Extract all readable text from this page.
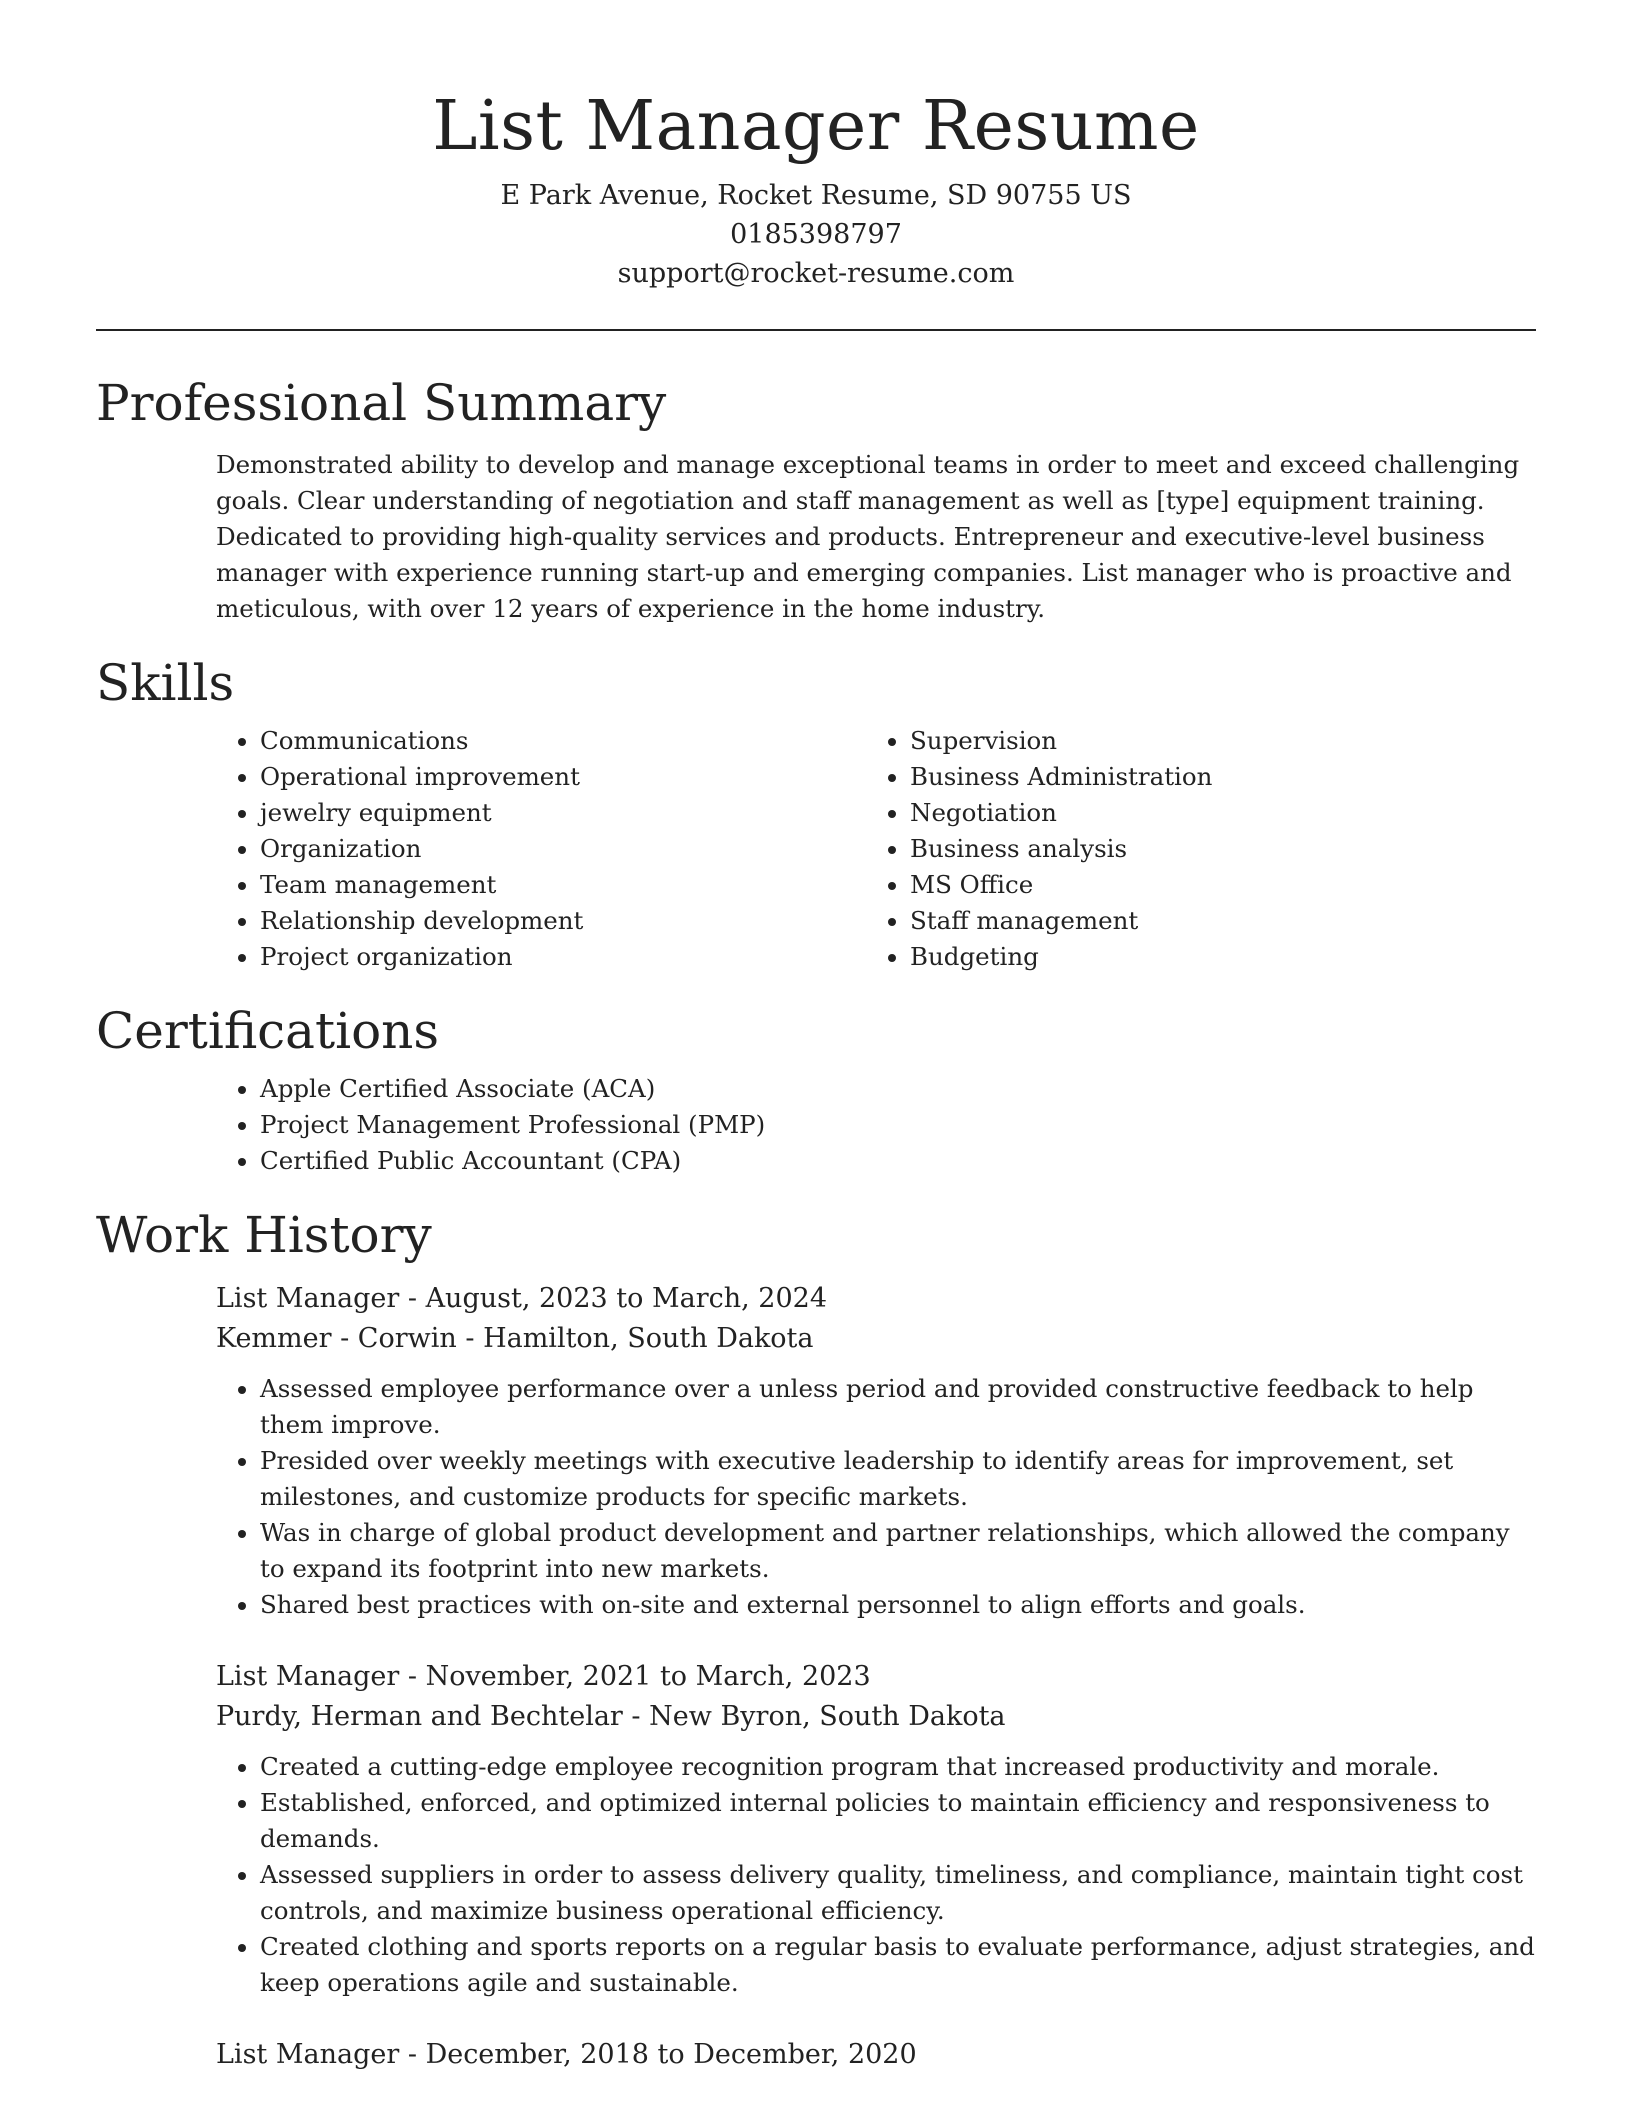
List Manager Resume

E Park Avenue, Rocket Resume, SD 90755 US

0185398797

support@rocket-resume.com

Professional Summary

Demonstrated ability to develop and manage exceptional teams in order to meet and exceed challenging goals. Clear understanding of negotiation and staff management as well as [type] equipment training. Dedicated to providing high-quality services and products. Entrepreneur and executive-level business manager with experience running start-up and emerging companies. List manager who is proactive and meticulous, with over 12 years of experience in the home industry.

Skills
• Communications
• Operational improvement
• jewelry equipment
• Organization
• Team management
• Relationship development
• Project organization
• Supervision
• Business Administration
• Negotiation
• Business analysis
• MS Office
• Staff management
• Budgeting
Certifications
• Apple Certified Associate (ACA)
• Project Management Professional (PMP)
• Certified Public Accountant (CPA)
Work History

List Manager - August, 2023 to March, 2024

Kemmer - Corwin - Hamilton, South Dakota

• Assessed employee performance over a unless period and provided constructive feedback to help them improve.
• Presided over weekly meetings with executive leadership to identify areas for improvement, set milestones, and customize products for specific markets.
• Was in charge of global product development and partner relationships, which allowed the company to expand its footprint into new markets.
• Shared best practices with on-site and external personnel to align efforts and goals.

List Manager - November, 2021 to March, 2023

Purdy, Herman and Bechtelar - New Byron, South Dakota

• Created a cutting-edge employee recognition program that increased productivity and morale.
• Established, enforced, and optimized internal policies to maintain efficiency and responsiveness to demands.
• Assessed suppliers in order to assess delivery quality, timeliness, and compliance, maintain tight cost controls, and maximize business operational efficiency.
• Created clothing and sports reports on a regular basis to evaluate performance, adjust strategies, and keep operations agile and sustainable.

List Manager - December, 2018 to December, 2020
